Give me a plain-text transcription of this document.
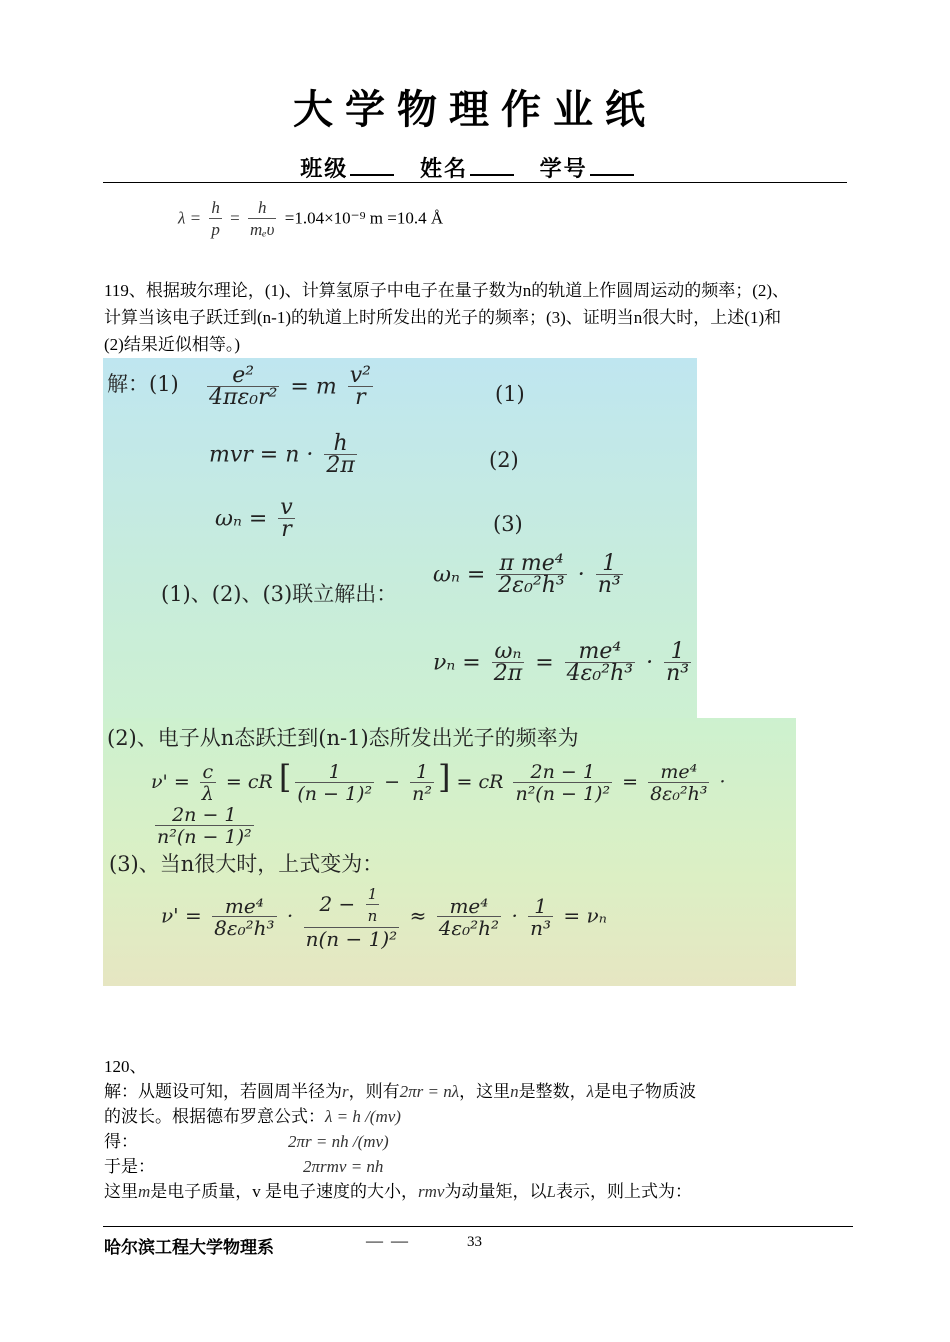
大学物理作业纸
班级	姓名	学号
$\lambda = \frac{h}{p} = \frac{h}{\text{mₑυ}} =1.04\times 10^{-9}$ m =10.4 Å
119、根据玻尔理论，(1)、计算氢原子中电子在量子数为n的轨道上作圆周运动的频率；(2)、
计算当该电子跃迁到(n-1)的轨道上时所发出的光子的频率；(3)、证明当n很大时，上述(1)和
(2)结果近似相等。)
解：$(1) \frac{\text{e²}}{\text{4πε₀r²}} = m \frac{\text{v²}}{r}$	(1)
mvr = $n \cdot \frac{h}{2\pi}$	(2)
$\omega_n = \frac{v}{r}$	(3)
(1)、(2)、(3)联立解出：
$\omega_n = \frac{\text{π me⁴}}{\text{2ε₀²h³}} \cdot \frac{1}{\text{n³}}$
$\nu_n = \frac{\text{ωₙ}}{2\pi} = \frac{\text{me⁴}}{\text{4ε₀²h³}} \cdot \frac{1}{\text{n³}}$
(2)、电子从n态跃迁到(n-1)态所发出光子的频率为
$\nu' = \frac{c}{\lambda}$ = cR [ $\frac{1}{\text{(n − 1)²}} - \frac{1}{\text{n²}}$ ] = cR $\frac{2n - 1}{\text{n²(n − 1)²}} = \frac{\text{me⁴}}{\text{8ε₀²h³}}$ ·
$\frac{2n - 1}{\text{n²(n − 1)²}}$
(3)、当n很大时，上式变为：
$\nu' = \frac{\text{me⁴}}{\text{8ε₀²h³}} \cdot \frac{2 - \frac{1}{n}}{\text{n(n − 1)²}} \approx \frac{\text{me⁴}}{\text{4ε₀²h²}} \cdot \frac{1}{\text{n³}} = \nu_n$
120、
解：从题设可知，若圆周半径为r，则有2πr = nλ，这里n是整数，λ是电子物质波
的波长。根据德布罗意公式：λ = h /(mv)
得：	2πr = nh /(mv)
于是：	2πrmv = nh
这里m是电子质量，v 是电子速度的大小，rmv为动量矩，以L表示，则上式为：
哈尔滨工程大学物理系	——	33
